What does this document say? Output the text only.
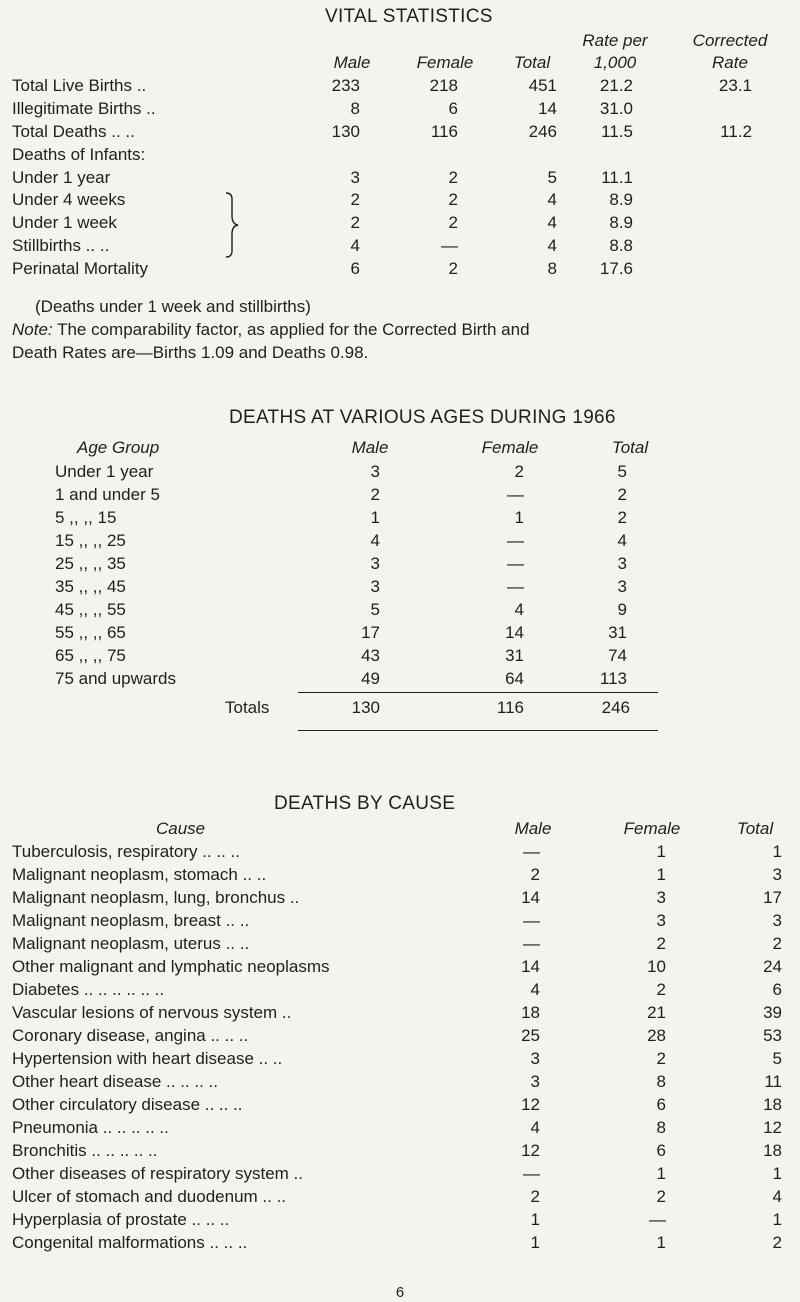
VITAL STATISTICS
Rate per	Corrected
Male	Female	Total	1,000	Rate
Total Live Births ..	233	218	451	21.2	23.1
Illegitimate Births ..	8	6	14	31.0
Total Deaths .. ..	130	116	246	11.5	11.2
Deaths of Infants:
Under 1 year	3	2	5	11.1
Under 4 weeks	2	2	4	8.9
Under 1 week	2	2	4	8.9
Stillbirths .. ..	4	—	4	8.8
Perinatal Mortality	6	2	8	17.6
(Deaths under 1 week and stillbirths)
Note: The comparability factor, as applied for the Corrected Birth and
Death Rates are—Births 1.09 and Deaths 0.98.
DEATHS AT VARIOUS AGES DURING 1966
Age Group	Male	Female	Total
Under 1 year	3	2	5
1 and under 5	2	—	2
5 ,, ,, 15	1	1	2
15 ,, ,, 25	4	—	4
25 ,, ,, 35	3	—	3
35 ,, ,, 45	3	—	3
45 ,, ,, 55	5	4	9
55 ,, ,, 65	17	14	31
65 ,, ,, 75	43	31	74
75 and upwards	49	64	113
Totals	130	116	246
DEATHS BY CAUSE
Cause	Male	Female	Total
Tuberculosis, respiratory .. .. ..	—	1	1
Malignant neoplasm, stomach .. ..	2	1	3
Malignant neoplasm, lung, bronchus ..	14	3	17
Malignant neoplasm, breast .. ..	—	3	3
Malignant neoplasm, uterus .. ..	—	2	2
Other malignant and lymphatic neoplasms	14	10	24
Diabetes .. .. .. .. .. ..	4	2	6
Vascular lesions of nervous system ..	18	21	39
Coronary disease, angina .. .. ..	25	28	53
Hypertension with heart disease .. ..	3	2	5
Other heart disease .. .. .. ..	3	8	11
Other circulatory disease .. .. ..	12	6	18
Pneumonia .. .. .. .. ..	4	8	12
Bronchitis .. .. .. .. ..	12	6	18
Other diseases of respiratory system ..	—	1	1
Ulcer of stomach and duodenum .. ..	2	2	4
Hyperplasia of prostate .. .. ..	1	—	1
Congenital malformations .. .. ..	1	1	2
6
